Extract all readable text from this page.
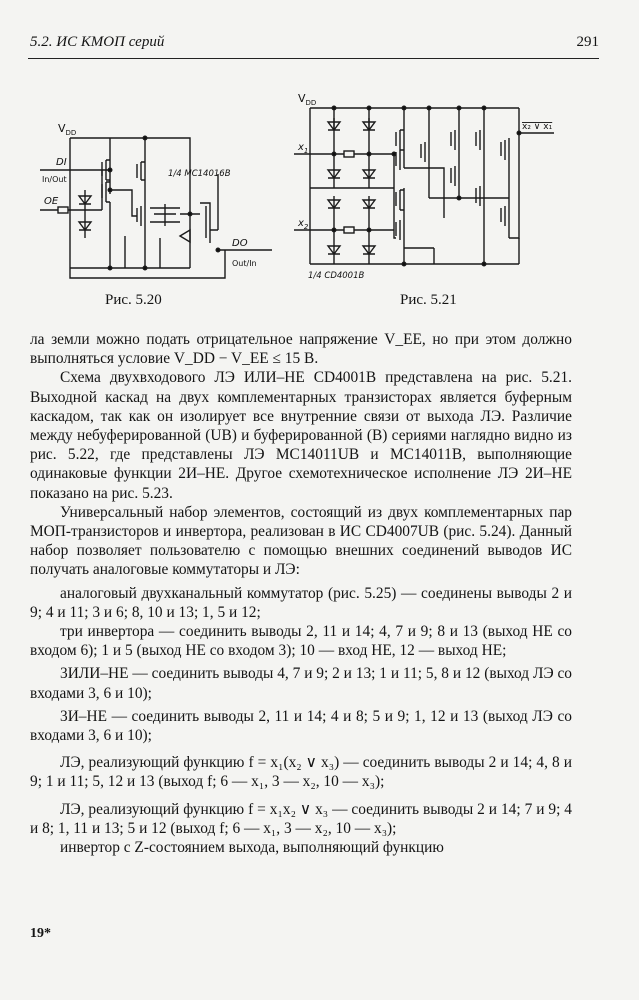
5.2. ИС КМОП серий	291
$V_{DD}$
DI
In/Out
OE
1/4 MC14016B
DO
Out/In
$V_{DD}$
x₂ ∨ x₁
$x_1$
$x_2$
1/4 CD4001B
Рис. 5.20	Рис. 5.21

ла земли можно подать отрицательное напряжение V_EE, но при этом должно выполняться условие V_DD − V_EE ≤ 15 В.

Схема двухвходового ЛЭ ИЛИ–НЕ CD4001B представлена на рис. 5.21. Выходной каскад на двух комплементарных транзисторах является буферным каскадом, так как он изолирует все внутренние связи от выхода ЛЭ. Различие между небуферированной (UB) и буферированной (B) сериями наглядно видно из рис. 5.22, где представлены ЛЭ MC14011UB и MC14011B, выполняющие одинаковые функции 2И–НЕ. Другое схемотехническое исполнение ЛЭ 2И–НЕ показано на рис. 5.23.

Универсальный набор элементов, состоящий из двух комплементарных пар МОП-транзисторов и инвертора, реализован в ИС CD4007UB (рис. 5.24). Данный набор позволяет пользователю с помощью внешних соединений выводов ИС получать аналоговые коммутаторы и ЛЭ:

аналоговый двухканальный коммутатор (рис. 5.25) — соединены выводы 2 и 9; 4 и 11; 3 и 6; 8, 10 и 13; 1, 5 и 12;

три инвертора — соединить выводы 2, 11 и 14; 4, 7 и 9; 8 и 13 (выход НЕ со входом 6); 1 и 5 (выход НЕ со входом 3); 10 — вход НЕ, 12 — выход НЕ;

3ИЛИ–НЕ — соединить выводы 4, 7 и 9; 2 и 13; 1 и 11; 5, 8 и 12 (выход ЛЭ со входами 3, 6 и 10);

3И–НЕ — соединить выводы 2, 11 и 14; 4 и 8; 5 и 9; 1, 12 и 13 (выход ЛЭ со входами 3, 6 и 10);

ЛЭ, реализующий функцию f = x₁(x₂ ∨ x₃) — соединить выводы 2 и 14; 4, 8 и 9; 1 и 11; 5, 12 и 13 (выход f; 6 — x₁, 3 — x₂, 10 — x₃);

ЛЭ, реализующий функцию f = x₁x₂ ∨ x₃ — соединить выводы 2 и 14; 7 и 9; 4 и 8; 1, 11 и 13; 5 и 12 (выход f; 6 — x₁, 3 — x₂, 10 — x₃);

инвертор с Z-состоянием выхода, выполняющий функцию

19*
